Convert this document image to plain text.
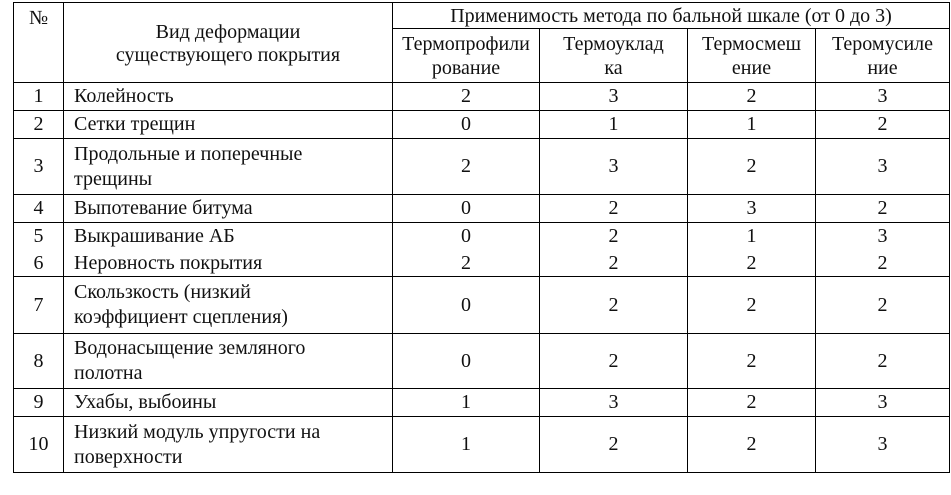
№	Вид деформации существующего покрытия	Применимость метода по бальной шкале (от 0 до 3)			

		Термопрофилирование	Термоукладка	Термосмешение	Теромусиление

1	Колейность	2	3	2	3
2	Сетки трещин	0	1	1	2
3	Продольные и поперечные трещины	2	3	2	3
4	Выпотевание битума	0	2	3	2
5	Выкрашивание АБ	0	2	1	3
6	Неровность покрытия	2	2	2	2
7	Скользкость (низкий коэффициент сцепления)	0	2	2	2
8	Водонасыщение земляного полотна	0	2	2	2
9	Ухабы, выбоины	1	3	2	3
10	Низкий модуль упругости на поверхности	1	2	2	3
